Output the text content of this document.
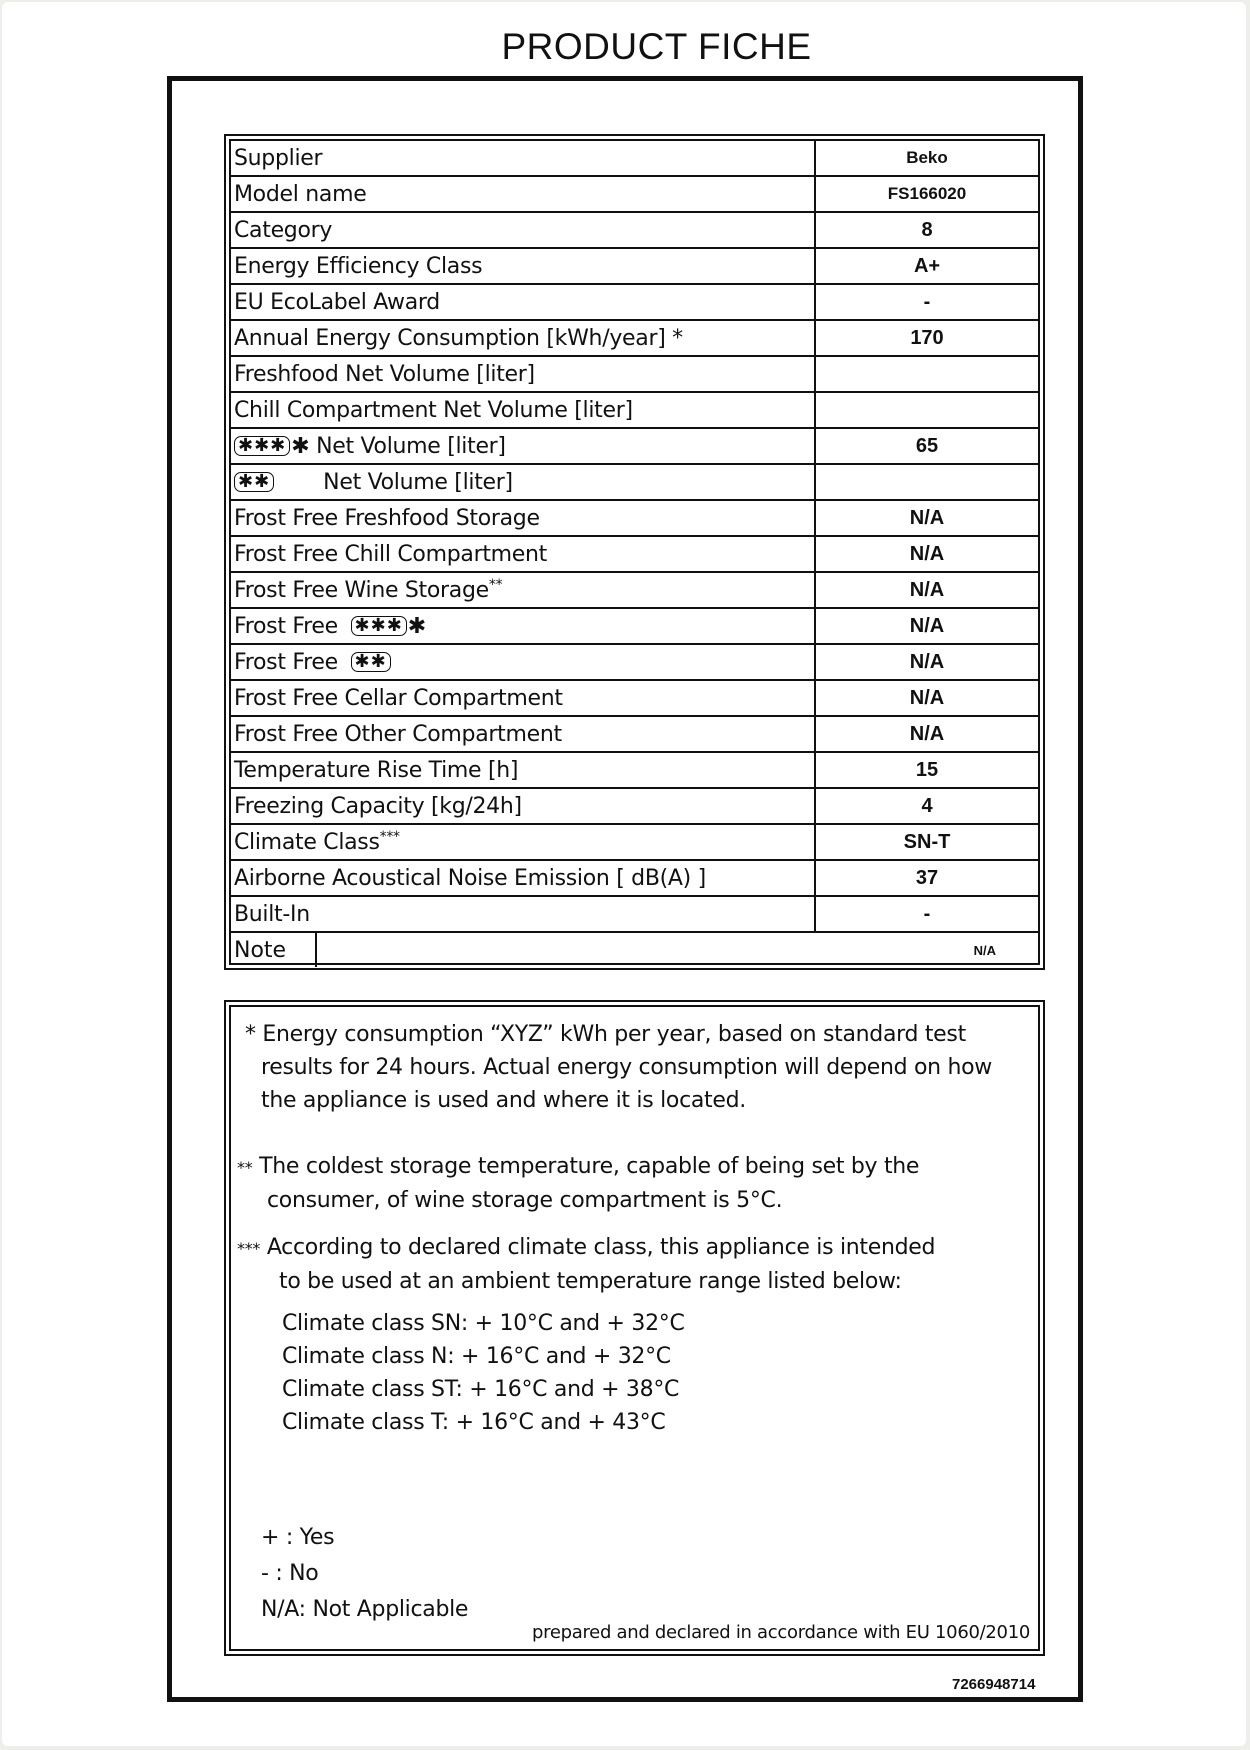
PRODUCT FICHE
Supplier	Beko
Model name	FS166020
Category	8
Energy Efficiency Class	A+
EU EcoLabel Award	-
Annual Energy Consumption [kWh/year] *	170
Freshfood Net Volume [liter]	
Chill Compartment Net Volume [liter]	
✱✱✱ ✱ Net Volume [liter]	65
✱✱ Net Volume [liter]	
Frost Free Freshfood Storage	N/A
Frost Free Chill Compartment	N/A
Frost Free Wine Storage**	N/A
Frost Free ✱✱✱ ✱	N/A
Frost Free ✱✱	N/A
Frost Free Cellar Compartment	N/A
Frost Free Other Compartment	N/A
Temperature Rise Time [h]	15
Freezing Capacity [kg/24h]	4
Climate Class***	SN-T
Airborne Acoustical Noise Emission [ dB(A) ]	37
Built-In	-

Note N/A	
* Energy consumption “XYZ” kWh per year, based on standard test
results for 24 hours. Actual energy consumption will depend on how
the appliance is used and where it is located.
** The coldest storage temperature, capable of being set by the
consumer, of wine storage compartment is 5°C.
*** According to declared climate class, this appliance is intended
to be used at an ambient temperature range listed below:
Climate class SN: + 10°C and + 32°C
Climate class N: + 16°C and + 32°C
Climate class ST: + 16°C and + 38°C
Climate class T: + 16°C and + 43°C
+ : Yes
- : No
N/A: Not Applicable
prepared and declared in accordance with EU 1060/2010
7266948714
